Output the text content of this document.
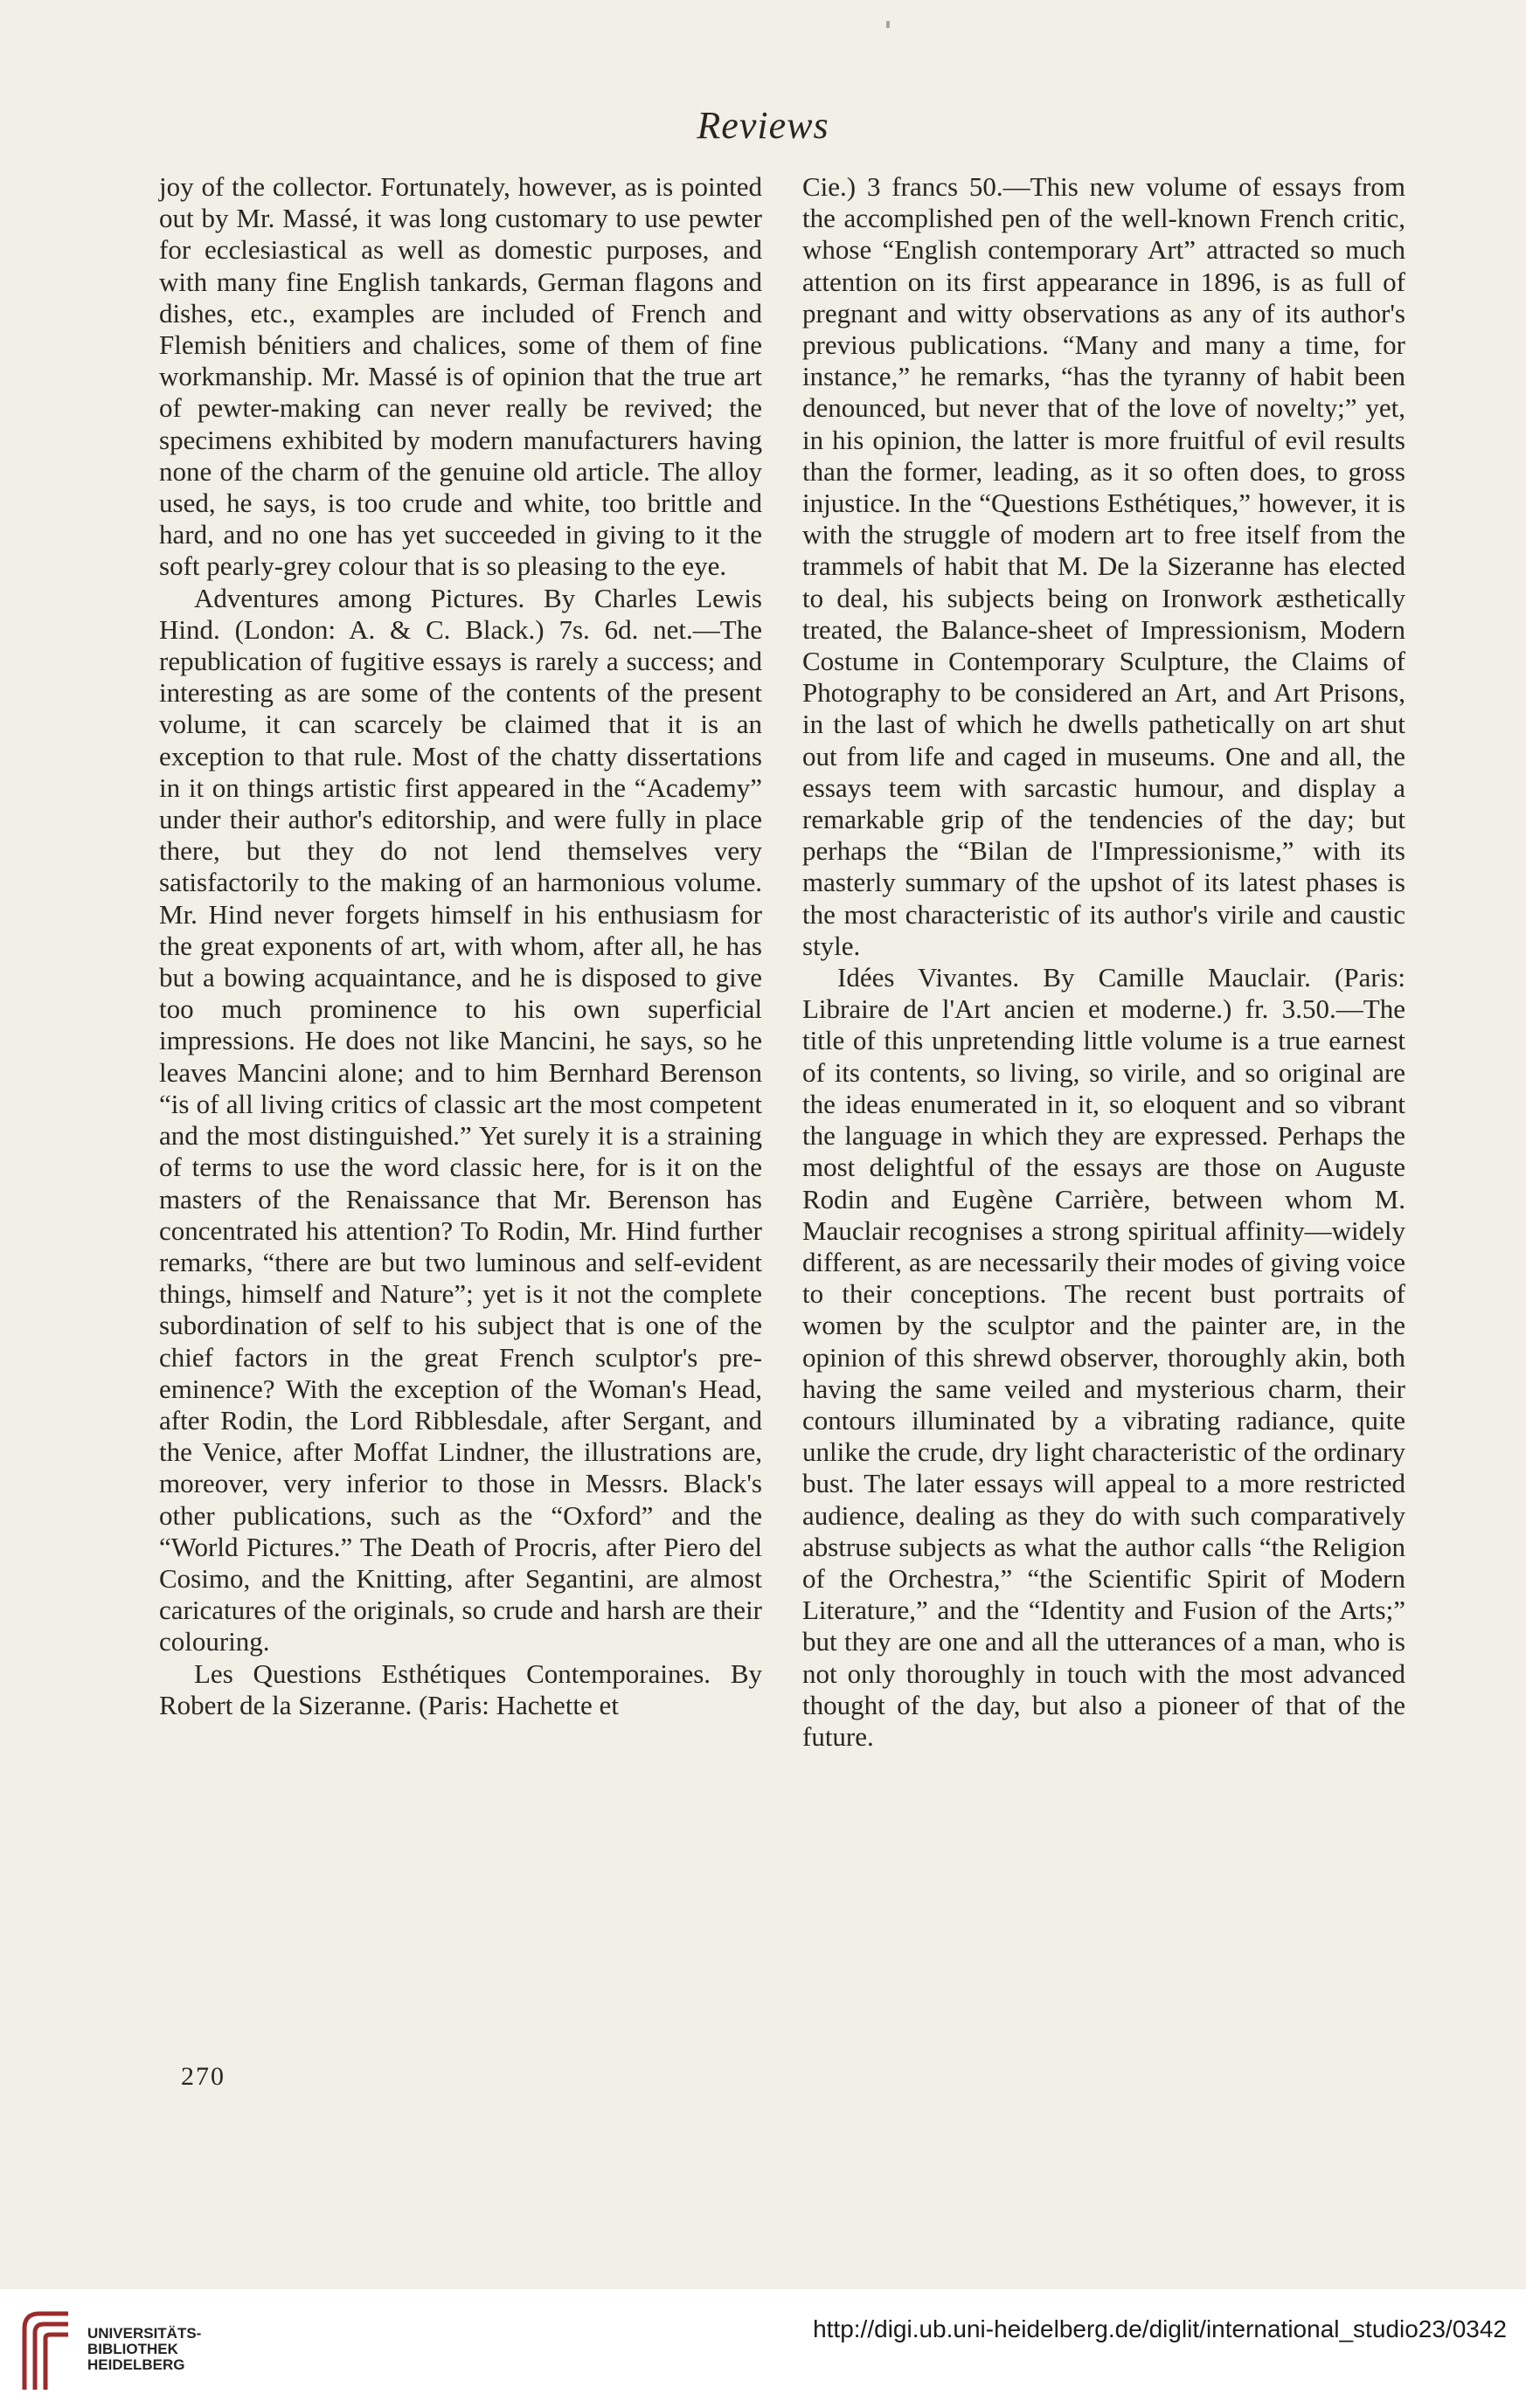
Reviews

joy of the collector. Fortunately, however, as is pointed out by Mr. Massé, it was long customary to use pewter for ecclesiastical as well as domestic purposes, and with many fine English tankards, German flagons and dishes, etc., examples are included of French and Flemish bénitiers and chalices, some of them of fine workmanship. Mr. Massé is of opinion that the true art of pewter-making can never really be revived; the specimens exhibited by modern manufacturers having none of the charm of the genuine old article. The alloy used, he says, is too crude and white, too brittle and hard, and no one has yet succeeded in giving to it the soft pearly-grey colour that is so pleasing to the eye.

Adventures among Pictures. By Charles Lewis Hind. (London: A. & C. Black.) 7s. 6d. net.—The republication of fugitive essays is rarely a success; and interesting as are some of the contents of the present volume, it can scarcely be claimed that it is an exception to that rule. Most of the chatty dissertations in it on things artistic first appeared in the “Academy” under their author's editorship, and were fully in place there, but they do not lend themselves very satisfactorily to the making of an harmonious volume. Mr. Hind never forgets himself in his enthusiasm for the great exponents of art, with whom, after all, he has but a bowing acquaintance, and he is disposed to give too much prominence to his own superficial impressions. He does not like Mancini, he says, so he leaves Mancini alone; and to him Bernhard Berenson “is of all living critics of classic art the most competent and the most distinguished.” Yet surely it is a straining of terms to use the word classic here, for is it on the masters of the Renaissance that Mr. Berenson has concentrated his attention? To Rodin, Mr. Hind further remarks, “there are but two luminous and self-evident things, himself and Nature”; yet is it not the complete subordination of self to his subject that is one of the chief factors in the great French sculptor's pre-eminence? With the exception of the Woman's Head, after Rodin, the Lord Ribblesdale, after Sergant, and the Venice, after Moffat Lindner, the illustrations are, moreover, very inferior to those in Messrs. Black's other publications, such as the “Oxford” and the “World Pictures.” The Death of Procris, after Piero del Cosimo, and the Knitting, after Segantini, are almost caricatures of the originals, so crude and harsh are their colouring.

Les Questions Esthétiques Contemporaines. By Robert de la Sizeranne. (Paris: Hachette et

Cie.) 3 francs 50.—This new volume of essays from the accomplished pen of the well-known French critic, whose “English contemporary Art” attracted so much attention on its first appearance in 1896, is as full of pregnant and witty observations as any of its author's previous publications. “Many and many a time, for instance,” he remarks, “has the tyranny of habit been denounced, but never that of the love of novelty;” yet, in his opinion, the latter is more fruitful of evil results than the former, leading, as it so often does, to gross injustice. In the “Questions Esthétiques,” however, it is with the struggle of modern art to free itself from the trammels of habit that M. De la Sizeranne has elected to deal, his subjects being on Ironwork æsthetically treated, the Balance-sheet of Impressionism, Modern Costume in Contemporary Sculpture, the Claims of Photography to be considered an Art, and Art Prisons, in the last of which he dwells pathetically on art shut out from life and caged in museums. One and all, the essays teem with sarcastic humour, and display a remarkable grip of the tendencies of the day; but perhaps the “Bilan de l'Impressionisme,” with its masterly summary of the upshot of its latest phases is the most characteristic of its author's virile and caustic style.

Idées Vivantes. By Camille Mauclair. (Paris: Libraire de l'Art ancien et moderne.) fr. 3.50.—The title of this unpretending little volume is a true earnest of its contents, so living, so virile, and so original are the ideas enumerated in it, so eloquent and so vibrant the language in which they are expressed. Perhaps the most delightful of the essays are those on Auguste Rodin and Eugène Carrière, between whom M. Mauclair recognises a strong spiritual affinity—widely different, as are necessarily their modes of giving voice to their conceptions. The recent bust portraits of women by the sculptor and the painter are, in the opinion of this shrewd observer, thoroughly akin, both having the same veiled and mysterious charm, their contours illuminated by a vibrating radiance, quite unlike the crude, dry light characteristic of the ordinary bust. The later essays will appeal to a more restricted audience, dealing as they do with such comparatively abstruse subjects as what the author calls “the Religion of the Orchestra,” “the Scientific Spirit of Modern Literature,” and the “Identity and Fusion of the Arts;” but they are one and all the utterances of a man, who is not only thoroughly in touch with the most advanced thought of the day, but also a pioneer of that of the future.

270
UNIVERSITÄTS-
BIBLIOTHEK
HEIDELBERG
http://digi.ub.uni-heidelberg.de/diglit/international_studio23/0342
